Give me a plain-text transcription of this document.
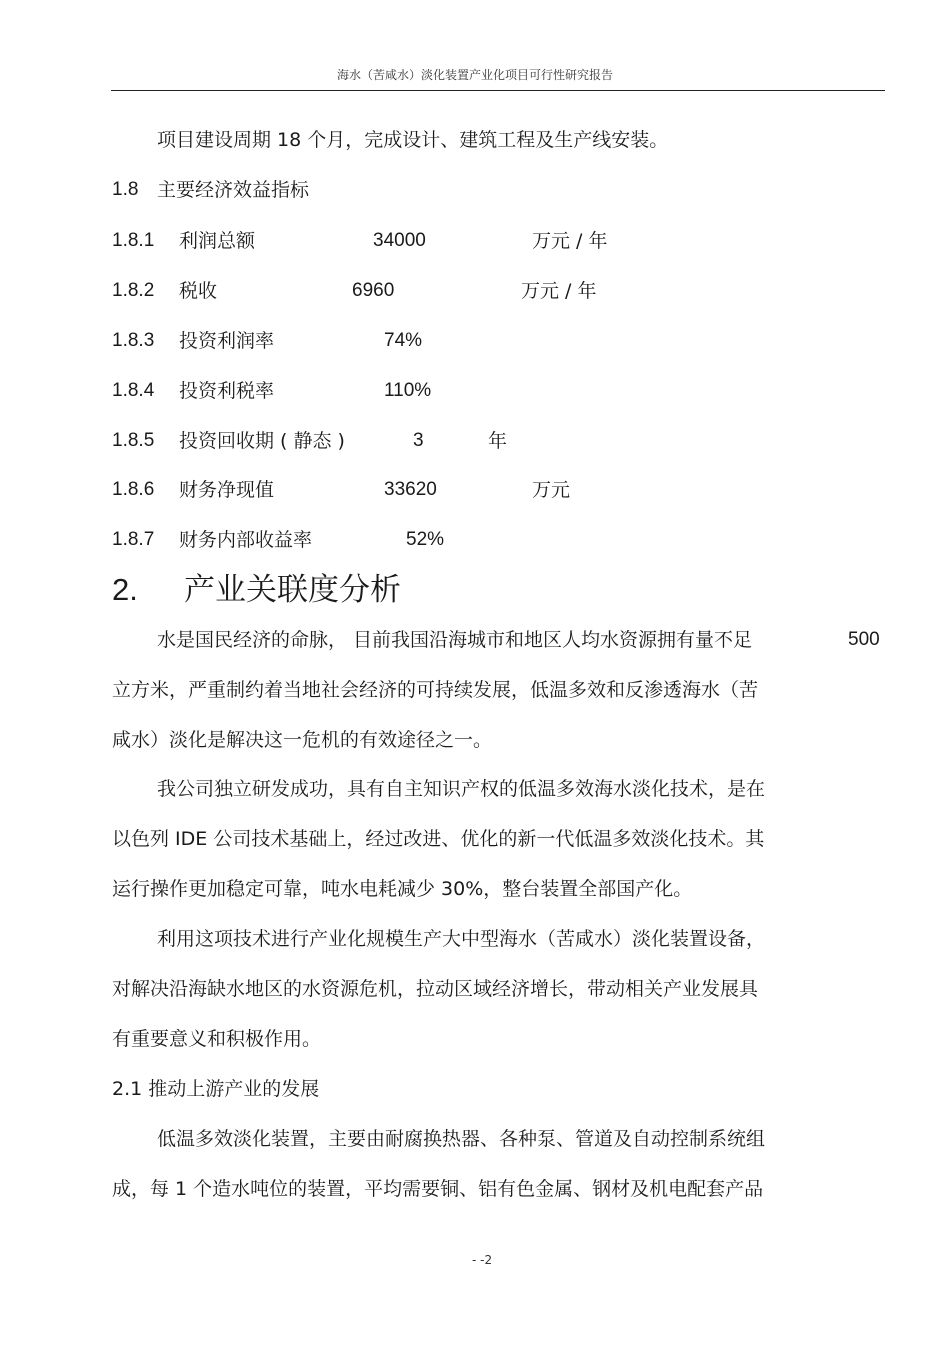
海水（苦咸水）淡化装置产业化项目可行性研究报告
项目建设周期 18 个月，完成设计、建筑工程及生产线安装。
1.8 主要经济效益指标
1.8.1 利润总额	34000	万元 / 年
1.8.2 税收	6960	万元 / 年
1.8.3 投资利润率	74%
1.8.4 投资利税率	110%
1.8.5 投资回收期 ( 静态 )	3	年
1.8.6 财务净现值	33620	万元
1.8.7 财务内部收益率	52%
2. 产业关联度分析
水是国民经济的命脉， 目前我国沿海城市和地区人均水资源拥有量不足	500
立方米，严重制约着当地社会经济的可持续发展，低温多效和反渗透海水（苦
咸水）淡化是解决这一危机的有效途径之一。
我公司独立研发成功，具有自主知识产权的低温多效海水淡化技术，是在
以色列 IDE 公司技术基础上，经过改进、优化的新一代低温多效淡化技术。其
运行操作更加稳定可靠，吨水电耗减少 30%，整台装置全部国产化。
利用这项技术进行产业化规模生产大中型海水（苦咸水）淡化装置设备，
对解决沿海缺水地区的水资源危机，拉动区域经济增长，带动相关产业发展具
有重要意义和积极作用。
2.1 推动上游产业的发展
低温多效淡化装置，主要由耐腐换热器、各种泵、管道及自动控制系统组
成，每 1 个造水吨位的装置，平均需要铜、铝有色金属、钢材及机电配套产品
- -2
